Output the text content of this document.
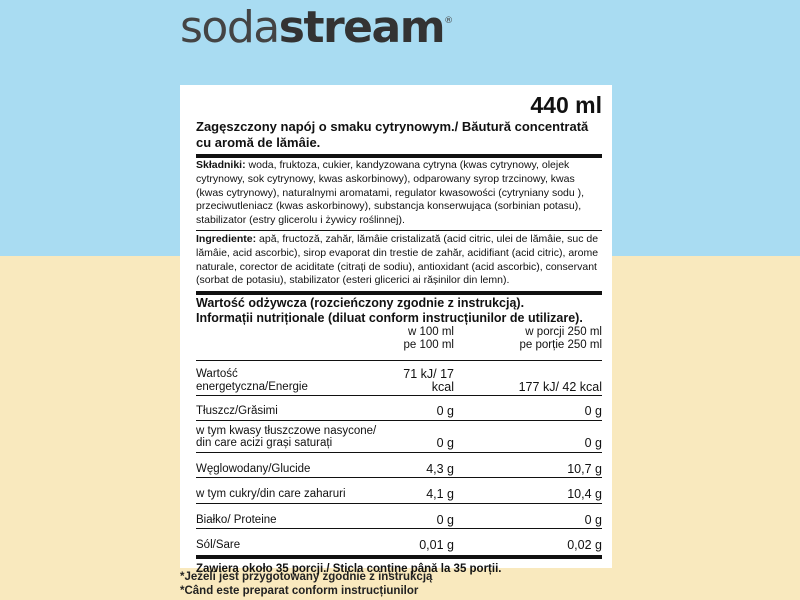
sodastream®
440 ml
Zagęszczony napój o smaku cytrynowym./ Băutură concentrată cu aromă de lămâie.
Składniki: woda, fruktoza, cukier, kandyzowana cytryna (kwas cytrynowy, olejek cytrynowy, sok cytrynowy, kwas askorbinowy), odparowany syrop trzcinowy, kwas (kwas cytrynowy), naturalnymi aromatami, regulator kwasowości (cytryniany sodu ), przeciwutleniacz (kwas askorbinowy), substancja konserwująca (sorbinian potasu), stabilizator (estry glicerolu i żywicy roślinnej).
Ingrediente: apă, fructoză, zahăr, lămâie cristalizată (acid citric, ulei de lămâie, suc de lămâie, acid ascorbic), sirop evaporat din trestie de zahăr, acidifiant (acid citric), arome naturale, corector de aciditate (citrați de sodiu), antioxidant (acid ascorbic), conservant (sorbat de potasiu), stabilizator (esteri glicerici ai rășinilor din lemn).
Wartość odżywcza (rozcieńczony zgodnie z instrukcją).
Informații nutriționale (diluat conform instrucțiunilor de utilizare).
w 100 ml
pe 100 ml
w porcji 250 ml
pe porție 250 ml
Wartość
energetyczna/Energie
71 kJ/ 17 kcal	177 kJ/ 42 kcal
Tłuszcz/Grăsimi	0 g	0 g
w tym kwasy tłuszczowe nasycone/
din care acizi grași saturați	0 g	0 g
Węglowodany/Glucide	4,3 g	10,7 g
w tym cukry/din care zaharuri	4,1 g	10,4 g
Białko/ Proteine	0 g	0 g
Sól/Sare	0,01 g	0,02 g
Zawiera około 35 porcji./ Sticla conține până la 35 porții.
*Jeżeli jest przygotowany zgodnie z instrukcją
*Când este preparat conform instrucțiunilor
